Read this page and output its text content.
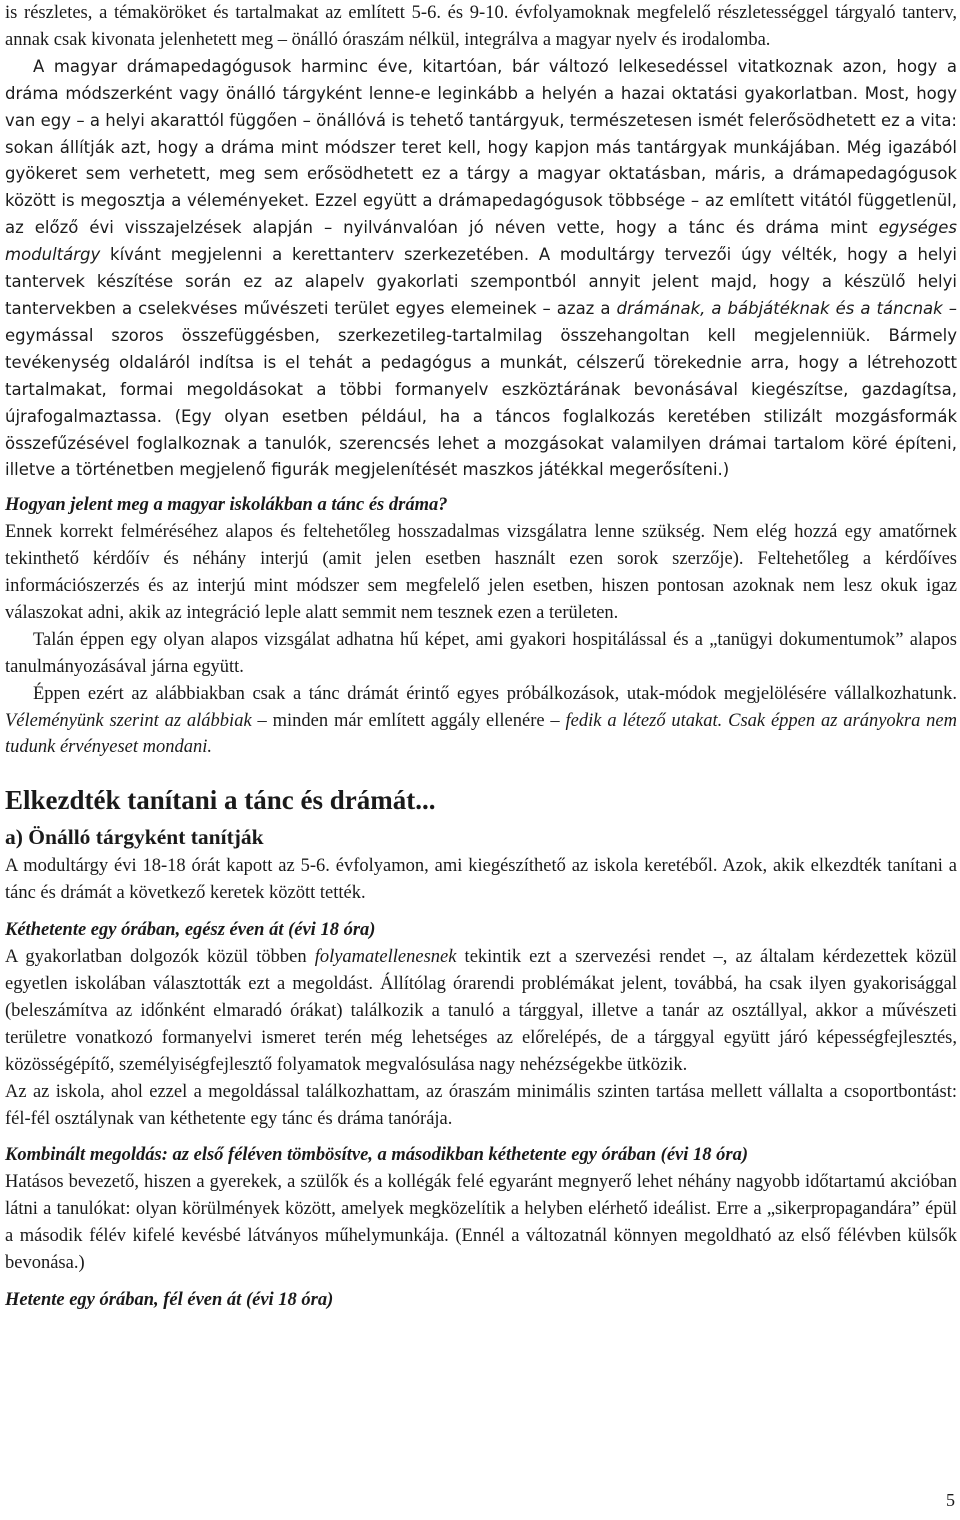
is részletes, a témaköröket és tartalmakat az említett 5-6. és 9-10. évfolyamoknak megfelelő részletességgel tárgyaló tanterv, annak csak kivonata jelenhetett meg – önálló óraszám nélkül, integrálva a magyar nyelv és irodalomba.

A magyar drámapedagógusok harminc éve, kitartóan, bár változó lelkesedéssel vitatkoznak azon, hogy a dráma módszerként vagy önálló tárgyként lenne-e leginkább a helyén a hazai oktatási gyakorlatban. Most, hogy van egy – a helyi akarattól függően – önállóvá is tehető tantárgyuk, természetesen ismét felerősödhetett ez a vita: sokan állítják azt, hogy a dráma mint módszer teret kell, hogy kapjon más tantárgyak munkájában. Még igazából gyökeret sem verhetett, meg sem erősödhetett ez a tárgy a magyar oktatásban, máris, a drámapedagógusok között is megosztja a véleményeket. Ezzel együtt a drámapedagógusok többsége – az említett vitától függetlenül, az előző évi visszajelzések alapján – nyilvánvalóan jó néven vette, hogy a tánc és dráma mint egységes modultárgy kívánt megjelenni a kerettanterv szerkezetében. A modultárgy tervezői úgy vélték, hogy a helyi tantervek készítése során ez az alapelv gyakorlati szempontból annyit jelent majd, hogy a készülő helyi tantervekben a cselekvéses művészeti terület egyes elemeinek – azaz a drámának, a bábjátéknak és a táncnak – egymással szoros összefüggésben, szerkezetileg-tartalmilag összehangoltan kell megjelenniük. Bármely tevékenység oldaláról indítsa is el tehát a pedagógus a munkát, célszerű törekednie arra, hogy a létrehozott tartalmakat, formai megoldásokat a többi formanyelv eszköztárának bevonásával kiegészítse, gazdagítsa, újrafogalmaztassa. (Egy olyan esetben például, ha a táncos foglalkozás keretében stilizált mozgásformák összefűzésével foglalkoznak a tanulók, szerencsés lehet a mozgásokat valamilyen drámai tartalom köré építeni, illetve a történetben megjelenő figurák megjelenítését maszkos játékkal megerősíteni.)

Hogyan jelent meg a magyar iskolákban a tánc és dráma?

Ennek korrekt felméréséhez alapos és feltehetőleg hosszadalmas vizsgálatra lenne szükség. Nem elég hozzá egy amatőrnek tekinthető kérdőív és néhány interjú (amit jelen esetben használt ezen sorok szerzője). Feltehetőleg a kérdőíves információszerzés és az interjú mint módszer sem megfelelő jelen esetben, hiszen pontosan azoknak nem lesz okuk igaz válaszokat adni, akik az integráció leple alatt semmit nem tesznek ezen a területen.

Talán éppen egy olyan alapos vizsgálat adhatna hű képet, ami gyakori hospitálással és a „tanügyi dokumentumok” alapos tanulmányozásával járna együtt.

Éppen ezért az alábbiakban csak a tánc drámát érintő egyes próbálkozások, utak-módok megjelölésére vállalkozhatunk. Véleményünk szerint az alábbiak – minden már említett aggály ellenére – fedik a létező utakat. Csak éppen az arányokra nem tudunk érvényeset mondani.

Elkezdték tanítani a tánc és drámát...
a) Önálló tárgyként tanítják

A modultárgy évi 18-18 órát kapott az 5-6. évfolyamon, ami kiegészíthető az iskola keretéből. Azok, akik elkezdték tanítani a tánc és drámát a következő keretek között tették.

Kéthetente egy órában, egész éven át (évi 18 óra)

A gyakorlatban dolgozók közül többen folyamatellenesnek tekintik ezt a szervezési rendet –, az általam kérdezettek közül egyetlen iskolában választották ezt a megoldást. Állítólag órarendi problémákat jelent, továbbá, ha csak ilyen gyakorisággal (beleszámítva az időnként elmaradó órákat) találkozik a tanuló a tárggyal, illetve a tanár az osztállyal, akkor a művészeti területre vonatkozó formanyelvi ismeret terén még lehetséges az előrelépés, de a tárggyal együtt járó képességfejlesztés, közösségépítő, személyiségfejlesztő folyamatok megvalósulása nagy nehézségekbe ütközik.

Az az iskola, ahol ezzel a megoldással találkozhattam, az óraszám minimális szinten tartása mellett vállalta a csoportbontást: fél-fél osztálynak van kéthetente egy tánc és dráma tanórája.

Kombinált megoldás: az első féléven tömbösítve, a másodikban kéthetente egy órában (évi 18 óra)

Hatásos bevezető, hiszen a gyerekek, a szülők és a kollégák felé egyaránt megnyerő lehet néhány nagyobb időtartamú akcióban látni a tanulókat: olyan körülmények között, amelyek megközelítik a helyben elérhető ideálist. Erre a „sikerpropagandára” épül a második félév kifelé kevésbé látványos műhelymunkája. (Ennél a változatnál könnyen megoldható az első félévben külsők bevonása.)

Hetente egy órában, fél éven át (évi 18 óra)

5
